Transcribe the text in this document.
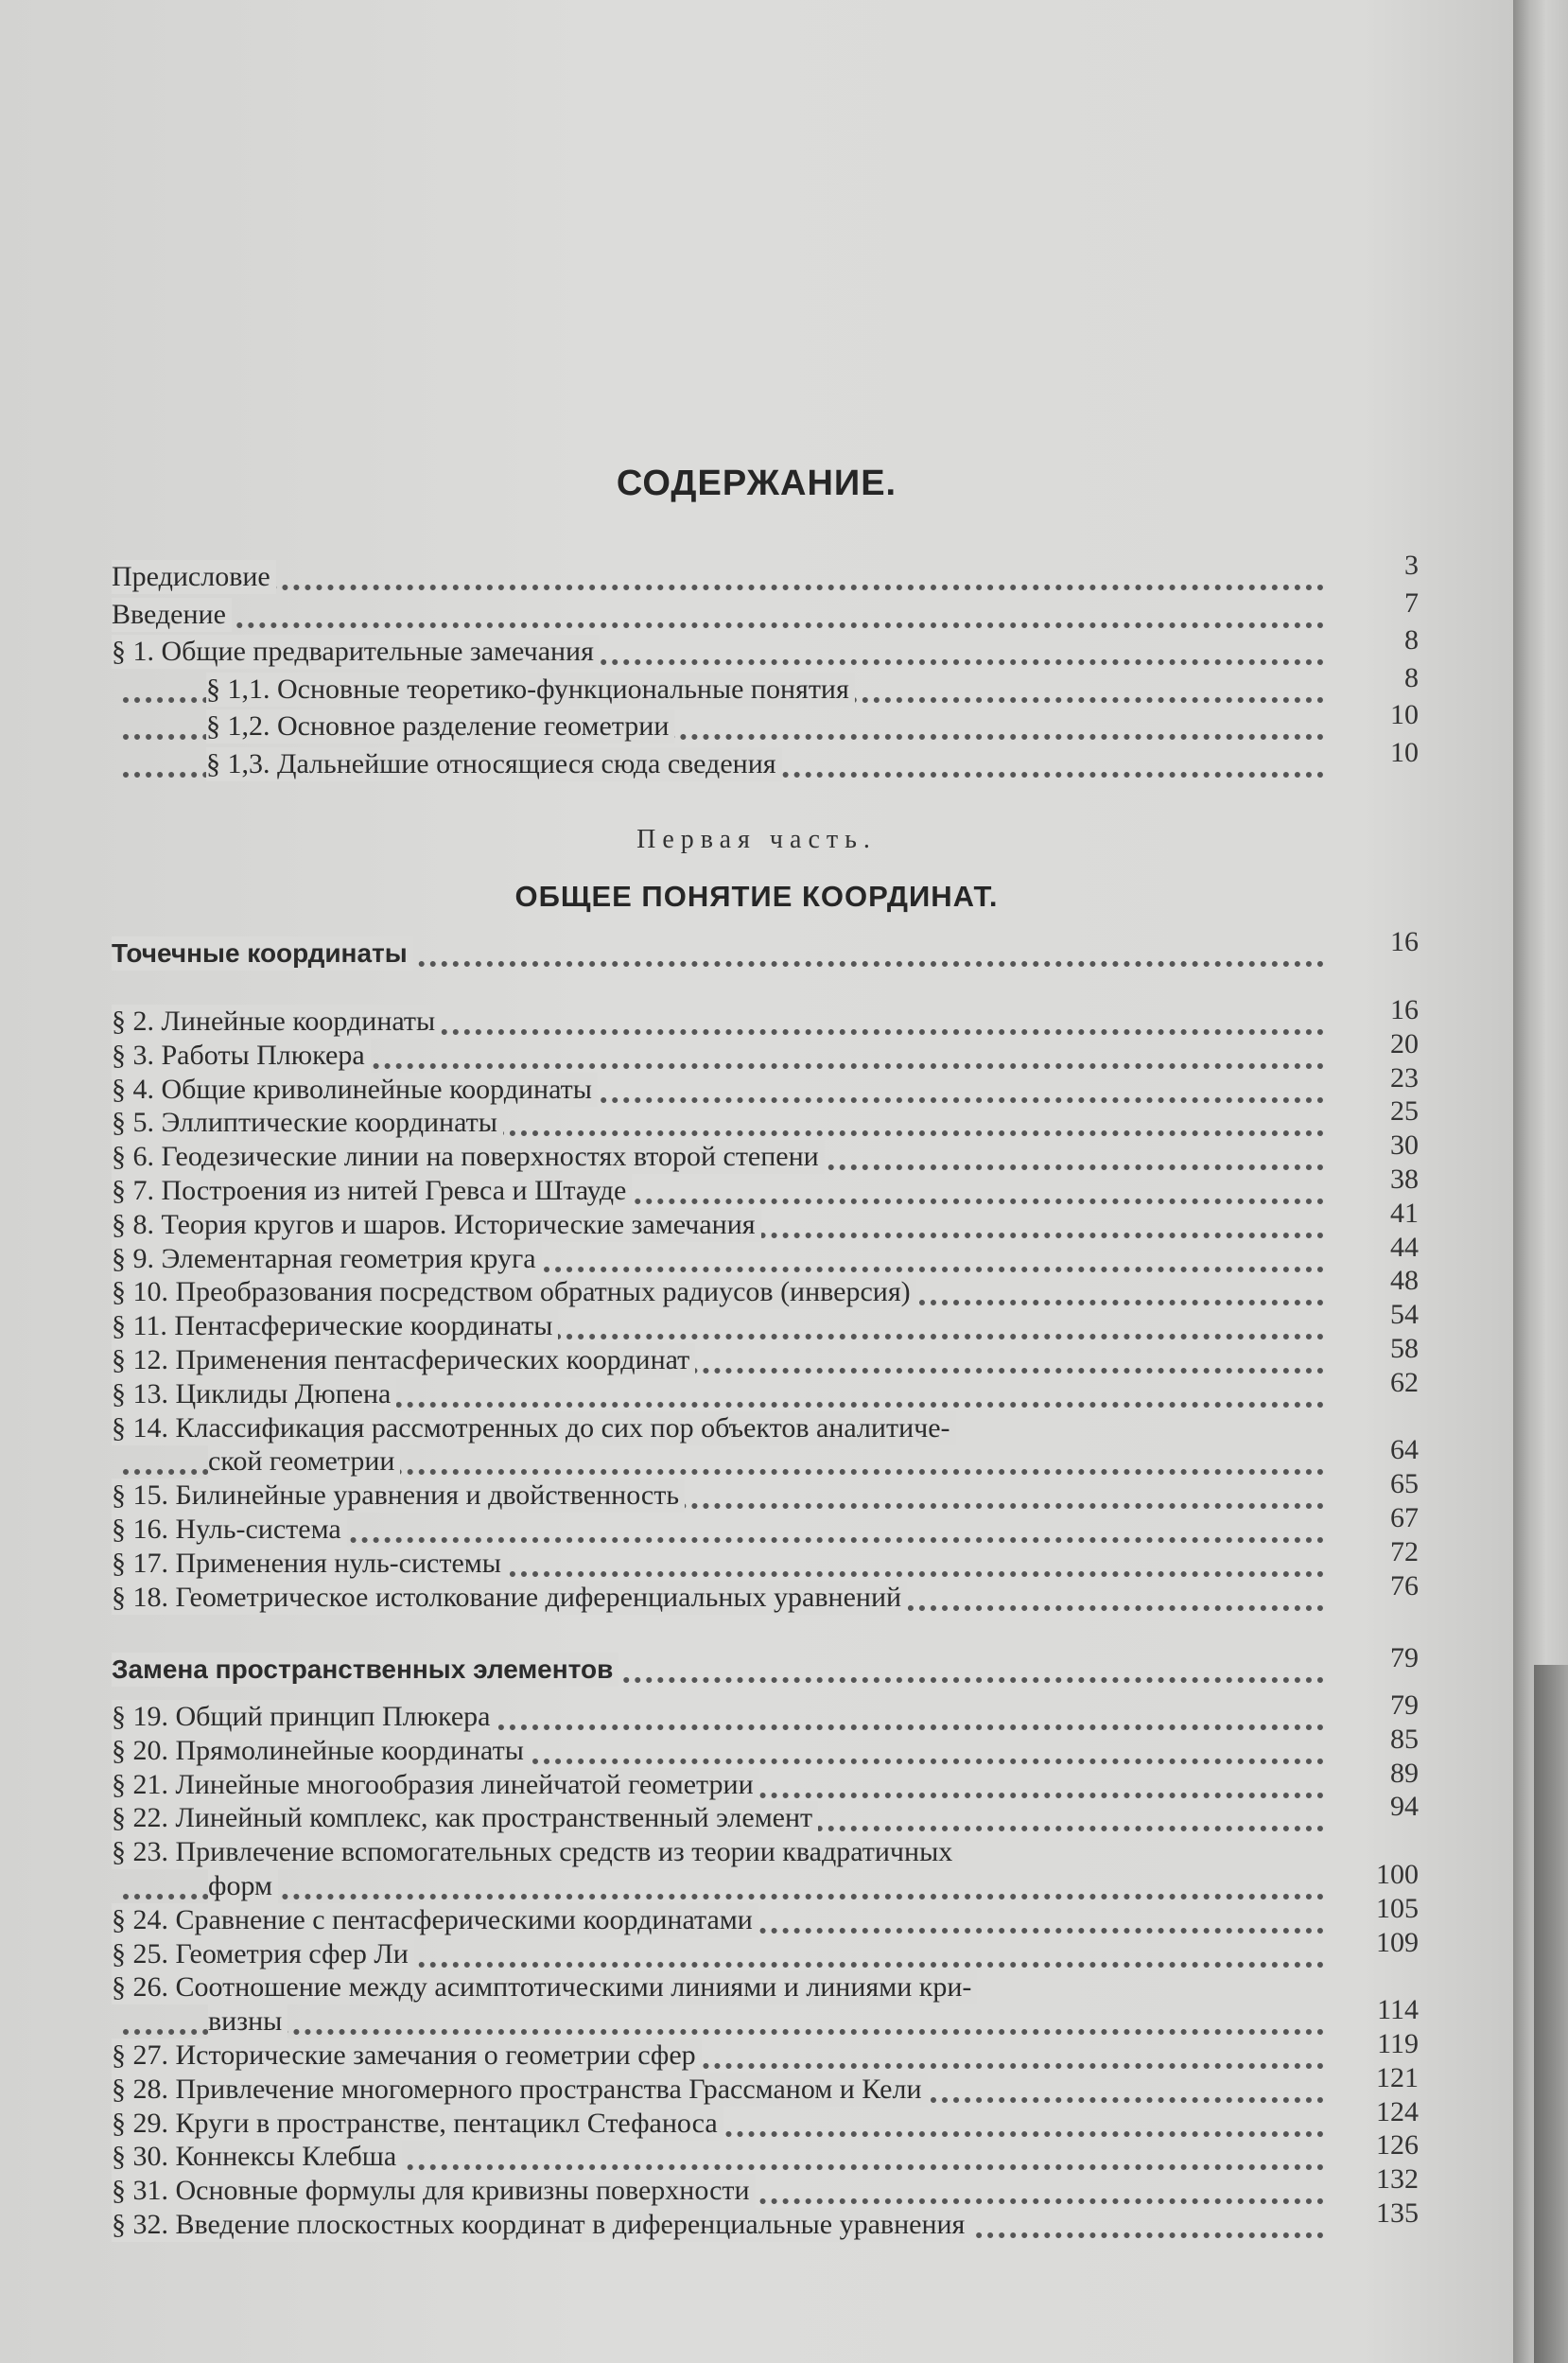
СОДЕРЖАНИЕ.
Предисловие	3
Введение	7
§ 1. Общие предварительные замечания	8
§ 1,1. Основные теоретико-функциональные понятия	8
§ 1,2. Основное разделение геометрии	10
§ 1,3. Дальнейшие относящиеся сюда сведения	10
Первая часть.
ОБЩЕЕ ПОНЯТИЕ КООРДИНАТ.
Точечные координаты	16
§ 2. Линейные координаты	16
§ 3. Работы Плюкера	20
§ 4. Общие криволинейные координаты	23
§ 5. Эллиптические координаты	25
§ 6. Геодезические линии на поверхностях второй степени	30
§ 7. Построения из нитей Гревса и Штауде	38
§ 8. Теория кругов и шаров. Исторические замечания	41
§ 9. Элементарная геометрия круга	44
§ 10. Преобразования посредством обратных радиусов (инверсия)	48
§ 11. Пентасферические координаты	54
§ 12. Применения пентасферических координат	58
§ 13. Циклиды Дюпена	62
§ 14. Классификация рассмотренных до сих пор объектов аналитиче-
ской геометрии	64
§ 15. Билинейные уравнения и двойственность	65
§ 16. Нуль-система	67
§ 17. Применения нуль-системы	72
§ 18. Геометрическое истолкование диференциальных уравнений	76
Замена пространственных элементов	79
§ 19. Общий принцип Плюкера	79
§ 20. Прямолинейные координаты	85
§ 21. Линейные многообразия линейчатой геометрии	89
§ 22. Линейный комплекс, как пространственный элемент	94
§ 23. Привлечение вспомогательных средств из теории квадратичных
форм	100
§ 24. Сравнение с пентасферическими координатами	105
§ 25. Геометрия сфер Ли	109
§ 26. Соотношение между асимптотическими линиями и линиями кри-
визны	114
§ 27. Исторические замечания о геометрии сфер	119
§ 28. Привлечение многомерного пространства Грассманом и Кели	121
§ 29. Круги в пространстве, пентацикл Стефаноса	124
§ 30. Коннексы Клебша	126
§ 31. Основные формулы для кривизны поверхности	132
§ 32. Введение плоскостных координат в диференциальные уравнения	135
